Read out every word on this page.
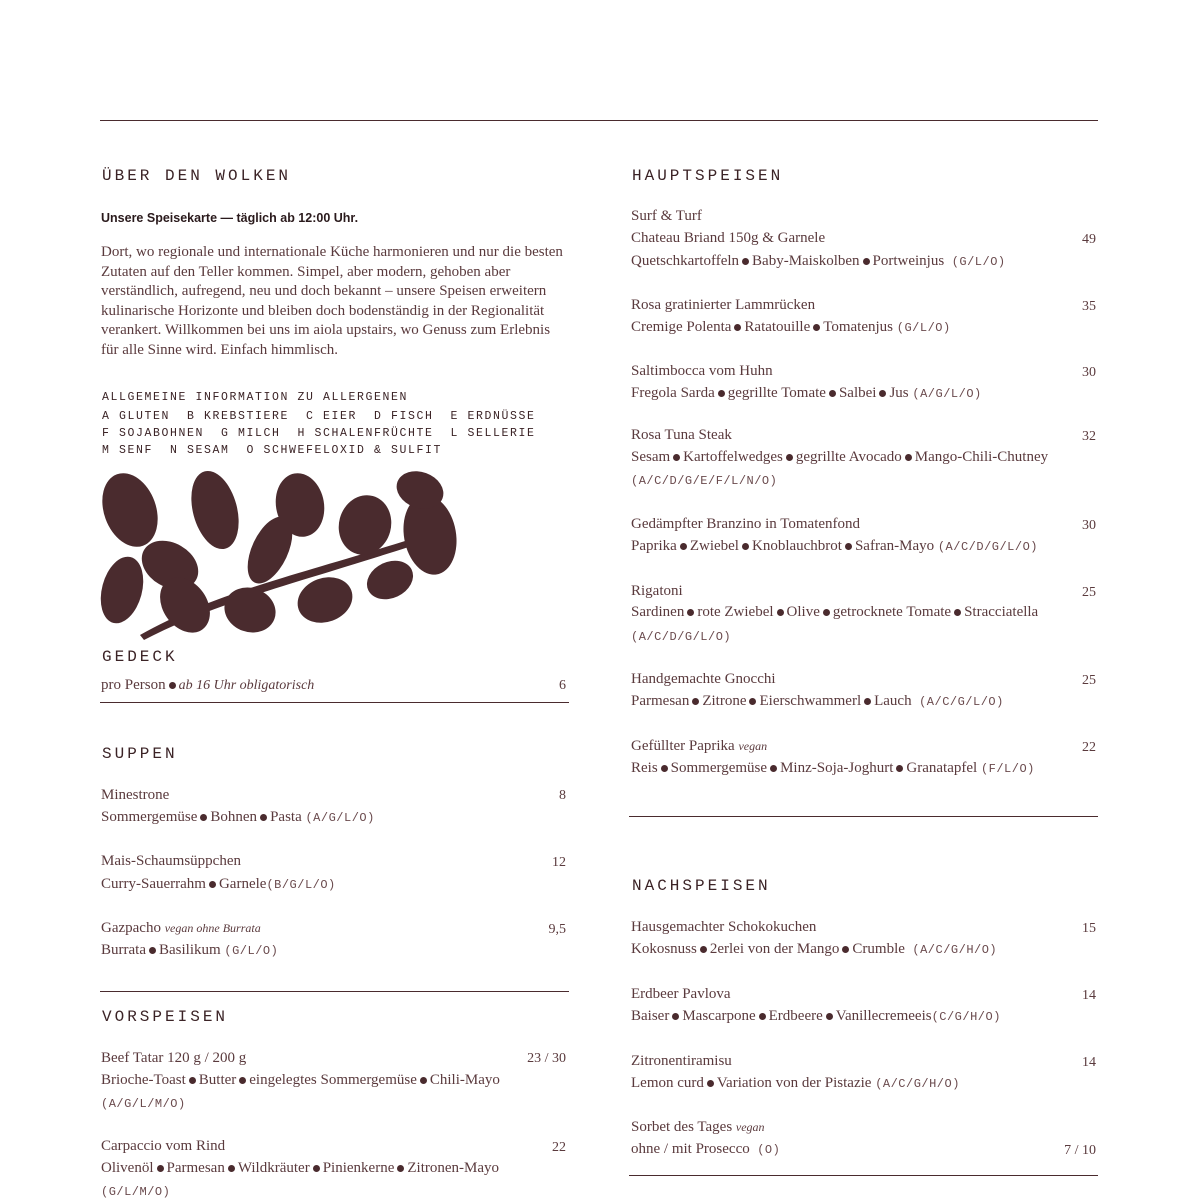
ÜBER DEN WOLKEN
Unsere Speisekarte — täglich ab 12:00 Uhr.
Dort, wo regionale und internationale Küche harmonieren und nur die besten Zutaten auf den Teller kommen. Simpel, aber modern, gehoben aber verständlich, aufregend, neu und doch bekannt – unsere Speisen erweitern kulinarische Horizonte und bleiben doch bodenständig in der Regionalität verankert. Willkommen bei uns im aiola upstairs, wo Genuss zum Erlebnis für alle Sinne wird. Einfach himmlisch.
ALLGEMEINE INFORMATION ZU ALLERGENEN
A GLUTEN  B KREBSTIERE  C EIER  D FISCH  E ERDNÜSSE
F SOJABOHNEN  G MILCH  H SCHALENFRÜCHTE  L SELLERIE
M SENF  N SESAM  O SCHWEFELOXID & SULFIT
GEDECK
pro Person ab 16 Uhr obligatorisch	6
SUPPEN
Minestrone	8
Sommergemüse Bohnen Pasta (A/G/L/O)
Mais-Schaumsüppchen	12
Curry-Sauerrahm Garnele(B/G/L/O)
Gazpacho vegan ohne Burrata	9,5
Burrata Basilikum (G/L/O)
VORSPEISEN
Beef Tatar 120 g / 200 g	23 / 30
Brioche-Toast Butter eingelegtes Sommergemüse Chili-Mayo
(A/G/L/M/O)
Carpaccio vom Rind	22
Olivenöl Parmesan Wildkräuter Pinienkerne Zitronen-Mayo
(G/L/M/O)
HAUPTSPEISEN
Surf & Turf
Chateau Briand 150g & Garnele	49
Quetschkartoffeln Baby-Maiskolben Portweinjus (G/L/O)
Rosa gratinierter Lammrücken	35
Cremige Polenta Ratatouille Tomatenjus (G/L/O)
Saltimbocca vom Huhn	30
Fregola Sarda gegrillte Tomate Salbei Jus (A/G/L/O)
Rosa Tuna Steak	32
Sesam Kartoffelwedges gegrillte Avocado Mango-Chili-Chutney
(A/C/D/G/E/F/L/N/O)
Gedämpfter Branzino in Tomatenfond	30
Paprika Zwiebel Knoblauchbrot Safran-Mayo (A/C/D/G/L/O)
Rigatoni	25
Sardinen rote Zwiebel Olive getrocknete Tomate Stracciatella
(A/C/D/G/L/O)
Handgemachte Gnocchi	25
Parmesan Zitrone Eierschwammerl Lauch (A/C/G/L/O)
Gefüllter Paprika vegan	22
Reis Sommergemüse Minz-Soja-Joghurt Granatapfel (F/L/O)
NACHSPEISEN
Hausgemachter Schokokuchen	15
Kokosnuss 2erlei von der Mango Crumble (A/C/G/H/O)
Erdbeer Pavlova	14
Baiser Mascarpone Erdbeere Vanillecremeeis(C/G/H/O)
Zitronentiramisu	14
Lemon curd Variation von der Pistazie (A/C/G/H/O)
Sorbet des Tages vegan
ohne / mit Prosecco (O)	7 / 10
